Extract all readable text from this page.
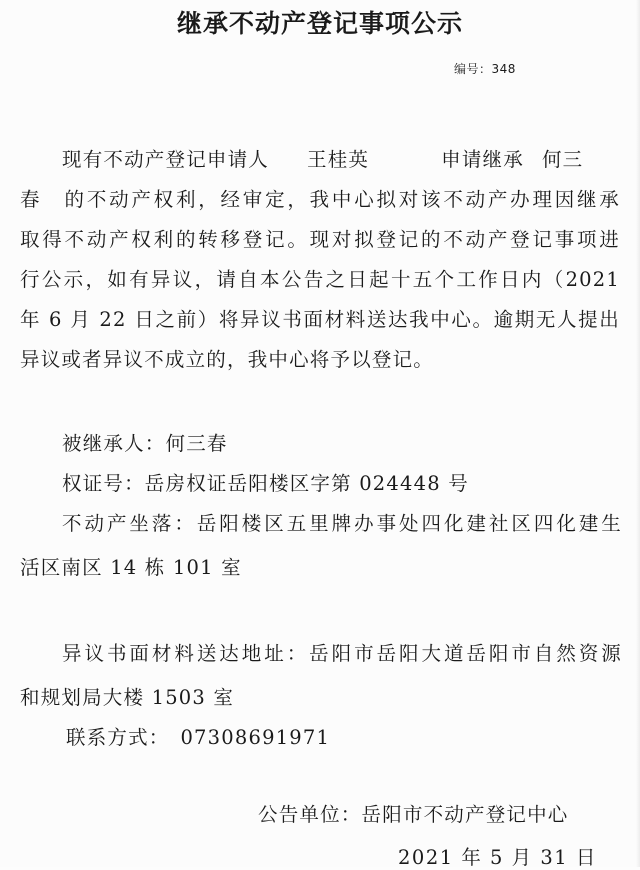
继承不动产登记事项公示
编号：348
现有不动产登记申请人 王桂英	申请继承 何三
春　的不动产权利，经审定，我中心拟对该不动产办理因继承
取得不动产权利的转移登记。现对拟登记的不动产登记事项进
行公示，如有异议，请自本公告之日起十五个工作日内（2021
年 6 月 22 日之前）将异议书面材料送达我中心。逾期无人提出
异议或者异议不成立的，我中心将予以登记。
被继承人：何三春
权证号：岳房权证岳阳楼区字第 024448 号
不动产坐落：岳阳楼区五里牌办事处四化建社区四化建生
活区南区 14 栋 101 室
异议书面材料送达地址：岳阳市岳阳大道岳阳市自然资源
和规划局大楼 1503 室
联系方式：　07308691971
公告单位：岳阳市不动产登记中心
2021 年 5 月 31 日
